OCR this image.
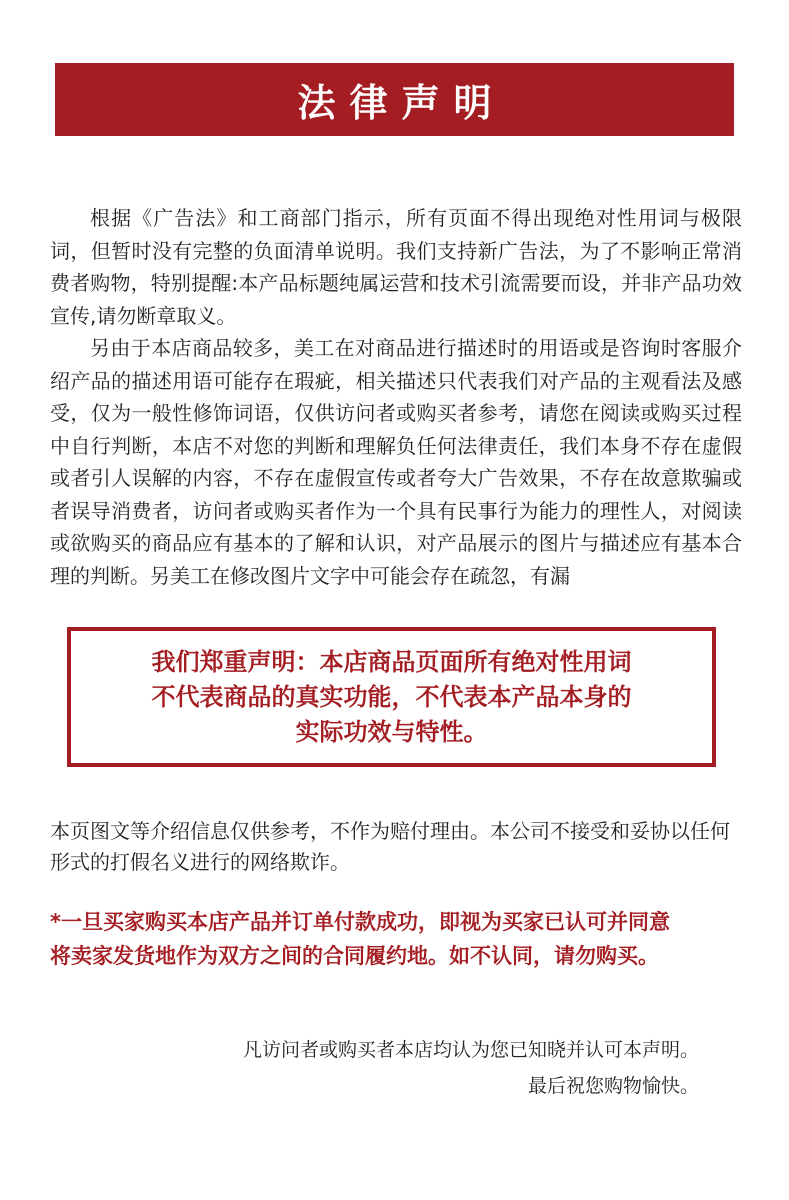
法律声明

根据《广告法》和工商部门指示，所有页面不得出现绝对性用词与极限词，但暂时没有完整的负面清单说明。我们支持新广告法，为了不影响正常消费者购物，特别提醒:本产品标题纯属运营和技术引流需要而设，并非产品功效宣传,请勿断章取义。

另由于本店商品较多，美工在对商品进行描述时的用语或是咨询时客服介绍产品的描述用语可能存在瑕疵，相关描述只代表我们对产品的主观看法及感受，仅为一般性修饰词语，仅供访问者或购买者参考，请您在阅读或购买过程中自行判断，本店不对您的判断和理解负任何法律责任，我们本身不存在虚假或者引人误解的内容，不存在虚假宣传或者夸大广告效果，不存在故意欺骗或者误导消费者，访问者或购买者作为一个具有民事行为能力的理性人，对阅读或欲购买的商品应有基本的了解和认识，对产品展示的图片与描述应有基本合理的判断。另美工在修改图片文字中可能会存在疏忽，有漏

我们郑重声明：本店商品页面所有绝对性用词
不代表商品的真实功能，不代表本产品本身的
实际功效与特性。

本页图文等介绍信息仅供参考，不作为赔付理由。本公司不接受和妥协以任何形式的打假名义进行的网络欺诈。

*一旦买家购买本店产品并订单付款成功，即视为买家已认可并同意
将卖家发货地作为双方之间的合同履约地。如不认同，请勿购买。
凡访问者或购买者本店均认为您已知晓并认可本声明。
最后祝您购物愉快。
